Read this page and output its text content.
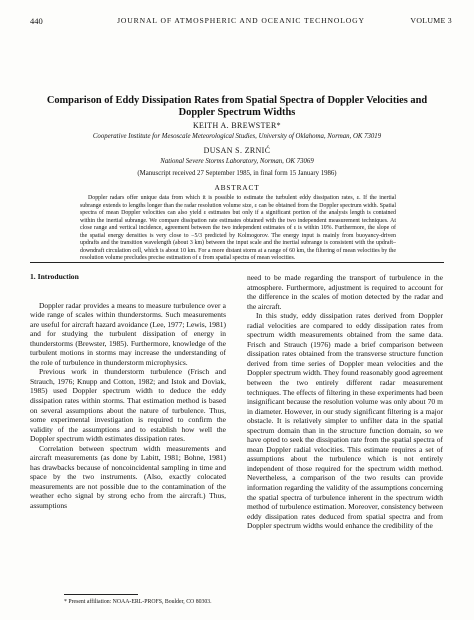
440	JOURNAL OF ATMOSPHERIC AND OCEANIC TECHNOLOGY	VOLUME 3
Comparison of Eddy Dissipation Rates from Spatial Spectra of Doppler Velocities and Doppler Spectrum Widths
KEITH A. BREWSTER*
Cooperative Institute for Mesoscale Meteorological Studies, University of Oklahoma, Norman, OK 73019
DUSAN S. ZRNIĆ
National Severe Storms Laboratory, Norman, OK 73069
(Manuscript received 27 September 1985, in final form 15 January 1986)
ABSTRACT

Doppler radars offer unique data from which it is possible to estimate the turbulent eddy dissipation rates, ε. If the inertial subrange extends to lengths longer than the radar resolution volume size, ε can be obtained from the Doppler spectrum width. Spatial spectra of mean Doppler velocities can also yield ε estimates but only if a significant portion of the analysis length is contained within the inertial subrange. We compare dissipation rate estimates obtained with the two independent measurement techniques. At close range and vertical incidence, agreement between the two independent estimates of ε is within 10%. Furthermore, the slope of the spatial energy densities is very close to −5/3 predicted by Kolmogorov. The energy input is mainly from buoyancy-driven updrafts and the transition wavelength (about 3 km) between the input scale and the inertial subrange is consistent with the updraft–downdraft circulation cell, which is about 10 km. For a more distant storm at a range of 60 km, the filtering of mean velocities by the resolution volume precludes precise estimation of ε from spatial spectra of mean velocities.

1. Introduction

Doppler radar provides a means to measure turbulence over a wide range of scales within thunderstorms. Such measurements are useful for aircraft hazard avoidance (Lee, 1977; Lewis, 1981) and for studying the turbulent dissipation of energy in thunderstorms (Brewster, 1985). Furthermore, knowledge of the turbulent motions in storms may increase the understanding of the role of turbulence in thunderstorm microphysics.

Previous work in thunderstorm turbulence (Frisch and Strauch, 1976; Knupp and Cotton, 1982; and Istok and Doviak, 1985) used Doppler spectrum width to deduce the eddy dissipation rates within storms. That estimation method is based on several assumptions about the nature of turbulence. Thus, some experimental investigation is required to confirm the validity of the assumptions and to establish how well the Doppler spectrum width estimates dissipation rates.

Correlation between spectrum width measurements and aircraft measurements (as done by Labitt, 1981; Bohne, 1981) has drawbacks because of noncoincidental sampling in time and space by the two instruments. (Also, exactly colocated measurements are not possible due to the contamination of the weather echo signal by strong echo from the aircraft.) Thus, assumptions

need to be made regarding the transport of turbulence in the atmosphere. Furthermore, adjustment is required to account for the difference in the scales of motion detected by the radar and the aircraft.

In this study, eddy dissipation rates derived from Doppler radial velocities are compared to eddy dissipation rates from spectrum width measurements obtained from the same data. Frisch and Strauch (1976) made a brief comparison between dissipation rates obtained from the transverse structure function derived from time series of Doppler mean velocities and the Doppler spectrum width. They found reasonably good agreement between the two entirely different radar measurement techniques. The effects of filtering in these experiments had been insignificant because the resolution volume was only about 70 m in diameter. However, in our study significant filtering is a major obstacle. It is relatively simpler to unfilter data in the spatial spectrum domain than in the structure function domain, so we have opted to seek the dissipation rate from the spatial spectra of mean Doppler radial velocities. This estimate requires a set of assumptions about the turbulence which is not entirely independent of those required for the spectrum width method. Nevertheless, a comparison of the two results can provide information regarding the validity of the assumptions concerning the spatial spectra of turbulence inherent in the spectrum width method of turbulence estimation. Moreover, consistency between eddy dissipation rates deduced from spatial spectra and from Doppler spectrum widths would enhance the credibility of the

* Present affiliation: NOAA-ERL-PROFS, Boulder, CO 80303.
